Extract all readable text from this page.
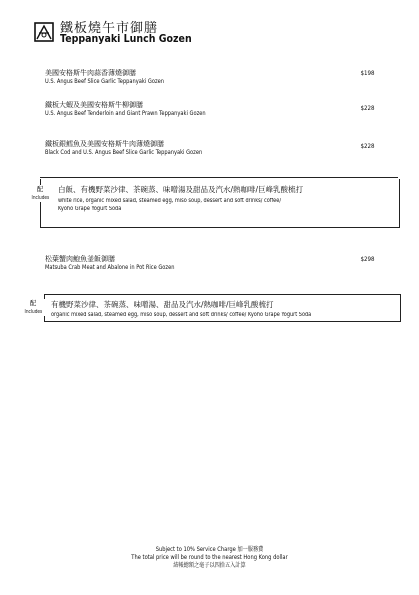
鐵板燒午市御膳
Teppanyaki Lunch Gozen
美國安格斯牛肉蒜香薄燒御膳
U.S. Angus Beef Slice Garlic Teppanyaki Gozen
$198
鐵板大蝦及美國安格斯牛柳御膳
U.S. Angus Beef Tenderloin and Giant Prawn Teppanyaki Gozen
$228
鐵板銀鱈魚及美國安格斯牛肉薄燒御膳
Black Cod and U.S. Angus Beef Slice Garlic Teppanyaki Gozen
$228
配
Includes
白飯、有機野菜沙律、茶碗蒸、味噌湯及甜品及汽水/熱咖啡/巨峰乳酸梳打
white rice, organic mixed salad, steamed egg, miso soup, dessert and soft drinks/ coffee/
Kyoho Grape Yogurt Soda
松葉蟹肉鮑魚釜飯御膳
Matsuba Crab Meat and Abalone in Pot Rice Gozen
$298
配
Includes
有機野菜沙律、茶碗蒸、味噌湯、甜品及汽水/熱咖啡/巨峰乳酸梳打
organic mixed salad, steamed egg, miso soup, dessert and soft drinks/ coffee/ Kyoho Grape Yogurt Soda
Subject to 10% Service Charge 加一服務費
The total price will be round to the nearest Hong Kong dollar
結帳總額之毫子以四捨五入計算
